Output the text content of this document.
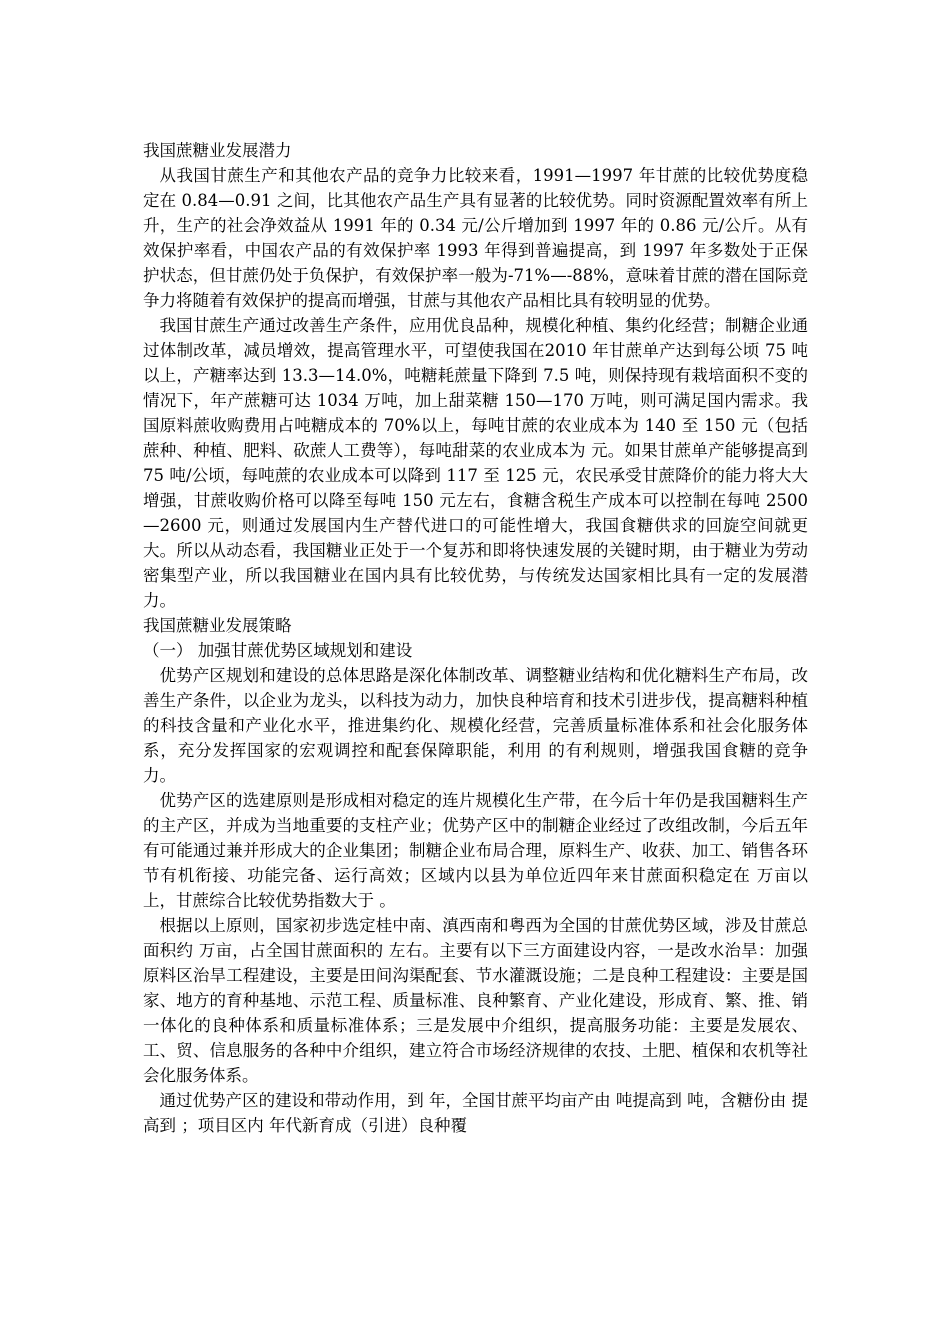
我国蔗糖业发展潜力

从我国甘蔗生产和其他农产品的竞争力比较来看，1991—1997 年甘蔗的比较优势度稳定在 0.84—0.91 之间，比其他农产品生产具有显著的比较优势。同时资源配置效率有所上升，生产的社会净效益从 1991 年的 0.34 元/公斤增加到 1997 年的 0.86 元/公斤。从有效保护率看，中国农产品的有效保护率 1993 年得到普遍提高，到 1997 年多数处于正保护状态，但甘蔗仍处于负保护，有效保护率一般为-71%—-88%，意味着甘蔗的潜在国际竞争力将随着有效保护的提高而增强，甘蔗与其他农产品相比具有较明显的优势。

我国甘蔗生产通过改善生产条件，应用优良品种，规模化种植、集约化经营；制糖企业通过体制改革，减员增效，提高管理水平，可望使我国在2010 年甘蔗单产达到每公顷 75 吨以上，产糖率达到 13.3—14.0%，吨糖耗蔗量下降到 7.5 吨，则保持现有栽培面积不变的情况下，年产蔗糖可达 1034 万吨，加上甜菜糖 150—170 万吨，则可满足国内需求。我国原料蔗收购费用占吨糖成本的 70%以上，每吨甘蔗的农业成本为 140 至 150 元（包括蔗种、种植、肥料、砍蔗人工费等），每吨甜菜的农业成本为 元。如果甘蔗单产能够提高到 75 吨/公顷，每吨蔗的农业成本可以降到 117 至 125 元，农民承受甘蔗降价的能力将大大增强，甘蔗收购价格可以降至每吨 150 元左右，食糖含税生产成本可以控制在每吨 2500—2600 元，则通过发展国内生产替代进口的可能性增大，我国食糖供求的回旋空间就更大。所以从动态看，我国糖业正处于一个复苏和即将快速发展的关键时期，由于糖业为劳动密集型产业，所以我国糖业在国内具有比较优势，与传统发达国家相比具有一定的发展潜力。

我国蔗糖业发展策略

（一） 加强甘蔗优势区域规划和建设

优势产区规划和建设的总体思路是深化体制改革、调整糖业结构和优化糖料生产布局，改善生产条件，以企业为龙头，以科技为动力，加快良种培育和技术引进步伐，提高糖料种植的科技含量和产业化水平，推进集约化、规模化经营，完善质量标准体系和社会化服务体系，充分发挥国家的宏观调控和配套保障职能，利用 的有利规则，增强我国食糖的竞争力。

优势产区的选建原则是形成相对稳定的连片规模化生产带，在今后十年仍是我国糖料生产的主产区，并成为当地重要的支柱产业；优势产区中的制糖企业经过了改组改制，今后五年有可能通过兼并形成大的企业集团；制糖企业布局合理，原料生产、收获、加工、销售各环节有机衔接、功能完备、运行高效；区域内以县为单位近四年来甘蔗面积稳定在 万亩以上，甘蔗综合比较优势指数大于 。

根据以上原则，国家初步选定桂中南、滇西南和粤西为全国的甘蔗优势区域，涉及甘蔗总面积约 万亩，占全国甘蔗面积的 左右。主要有以下三方面建设内容，一是改水治旱：加强原料区治旱工程建设，主要是田间沟渠配套、节水灌溉设施；二是良种工程建设：主要是国家、地方的育种基地、示范工程、质量标准、良种繁育、产业化建设，形成育、繁、推、销一体化的良种体系和质量标准体系；三是发展中介组织，提高服务功能：主要是发展农、工、贸、信息服务的各种中介组织，建立符合市场经济规律的农技、土肥、植保和农机等社会化服务体系。

通过优势产区的建设和带动作用，到 年，全国甘蔗平均亩产由 吨提高到 吨，含糖份由 提高到 ；项目区内 年代新育成（引进）良种覆
